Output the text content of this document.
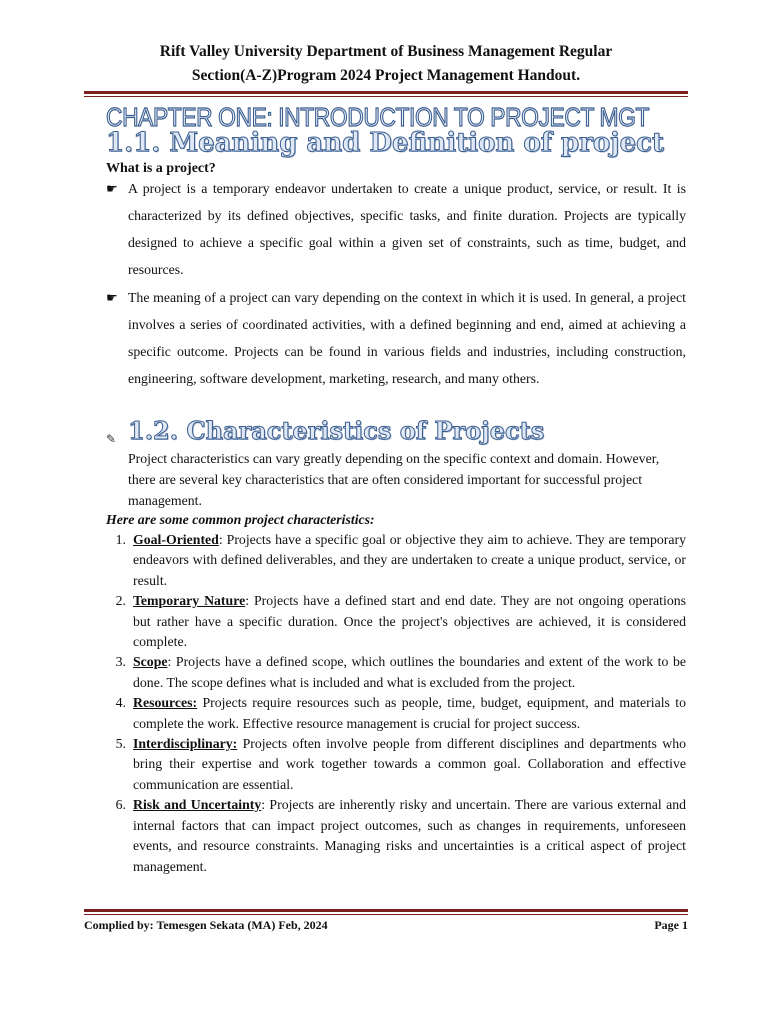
Rift Valley University Department of Business Management Regular
Section(A-Z)Program 2024 Project Management Handout.
CHAPTER ONE: INTRODUCTION TO PROJECT MGT
1.1. Meaning and Definition of project
What is a project?
☛ A project is a temporary endeavor undertaken to create a unique product, service, or result. It is characterized by its defined objectives, specific tasks, and finite duration. Projects are typically designed to achieve a specific goal within a given set of constraints, such as time, budget, and resources.
☛ The meaning of a project can vary depending on the context in which it is used. In general, a project involves a series of coordinated activities, with a defined beginning and end, aimed at achieving a specific outcome. Projects can be found in various fields and industries, including construction, engineering, software development, marketing, research, and many others.
✎ 1.2. Characteristics of Projects
Project characteristics can vary greatly depending on the specific context and domain. However, there are several key characteristics that are often considered important for successful project management.
Here are some common project characteristics:
1. Goal-Oriented: Projects have a specific goal or objective they aim to achieve. They are temporary endeavors with defined deliverables, and they are undertaken to create a unique product, service, or result.
2. Temporary Nature: Projects have a defined start and end date. They are not ongoing operations but rather have a specific duration. Once the project's objectives are achieved, it is considered complete.
3. Scope: Projects have a defined scope, which outlines the boundaries and extent of the work to be done. The scope defines what is included and what is excluded from the project.
4. Resources: Projects require resources such as people, time, budget, equipment, and materials to complete the work. Effective resource management is crucial for project success.
5. Interdisciplinary: Projects often involve people from different disciplines and departments who bring their expertise and work together towards a common goal. Collaboration and effective communication are essential.
6. Risk and Uncertainty: Projects are inherently risky and uncertain. There are various external and internal factors that can impact project outcomes, such as changes in requirements, unforeseen events, and resource constraints. Managing risks and uncertainties is a critical aspect of project management.
Complied by: Temesgen Sekata (MA) Feb, 2024	Page 1
